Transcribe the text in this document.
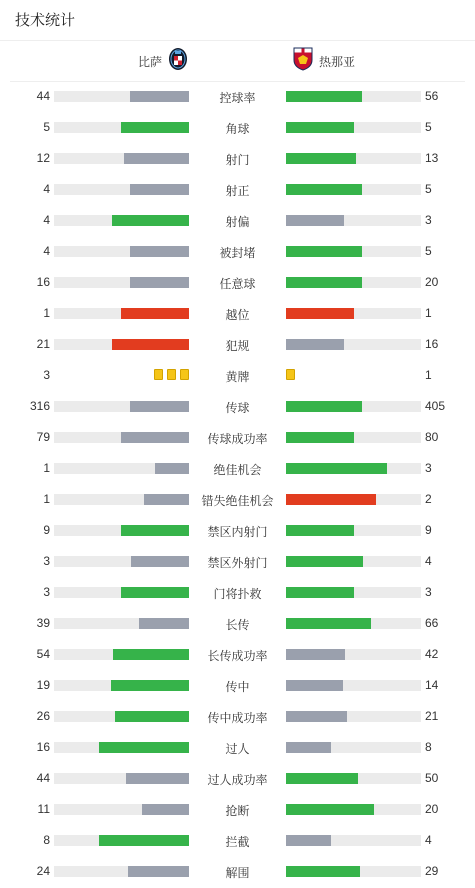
技术统计
比萨	热那亚
44	控球率	56
5	角球	5
12	射门	13
4	射正	5
4	射偏	3
4	被封堵	5
16	任意球	20
1	越位	1
21	犯规	16
3	黄牌	1
316	传球	405
79	传球成功率	80
1	绝佳机会	3
1	错失绝佳机会	2
9	禁区内射门	9
3	禁区外射门	4
3	门将扑救	3
39	长传	66
54	长传成功率	42
19	传中	14
26	传中成功率	21
16	过人	8
44	过人成功率	50
11	抢断	20
8	拦截	4
24	解围	29
